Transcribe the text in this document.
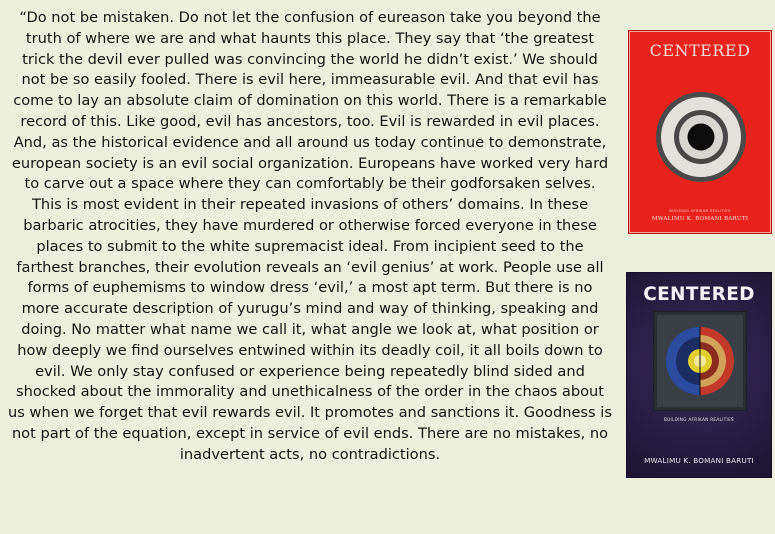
“Do not be mistaken. Do not let the confusion of eureason take you beyond the truth of where we are and what haunts this place. They say that ‘the greatest trick the devil ever pulled was convincing the world he didn’t exist.’ We should not be so easily fooled. There is evil here, immeasurable evil. And that evil has come to lay an absolute claim of domination on this world. There is a remarkable record of this. Like good, evil has ancestors, too. Evil is rewarded in evil places. And, as the historical evidence and all around us today continue to demonstrate, european society is an evil social organization. Europeans have worked very hard to carve out a space where they can comfortably be their godforsaken selves. This is most evident in their repeated invasions of others’ domains. In these barbaric atrocities, they have murdered or otherwise forced everyone in these places to submit to the white supremacist ideal. From incipient seed to the farthest branches, their evolution reveals an ‘evil genius’ at work. People use all forms of euphemisms to window dress ‘evil,’ a most apt term. But there is no more accurate description of yurugu’s mind and way of thinking, speaking and doing. No matter what name we call it, what angle we look at, what position or how deeply we find ourselves entwined within its deadly coil, it all boils down to evil. We only stay confused or experience being repeatedly blind sided and shocked about the immorality and unethicalness of the order in the chaos about us when we forget that evil rewards evil. It promotes and sanctions it. Goodness is not part of the equation, except in service of evil ends. There are no mistakes, no inadvertent acts, no contradictions.

CENTERED
BUILDING AFRIKAN REALITIES
MWALIMU K. BOMANI BARUTI
CENTERED
BUILDING AFRIKAN REALITIES
MWALIMU K. BOMANI BARUTI
